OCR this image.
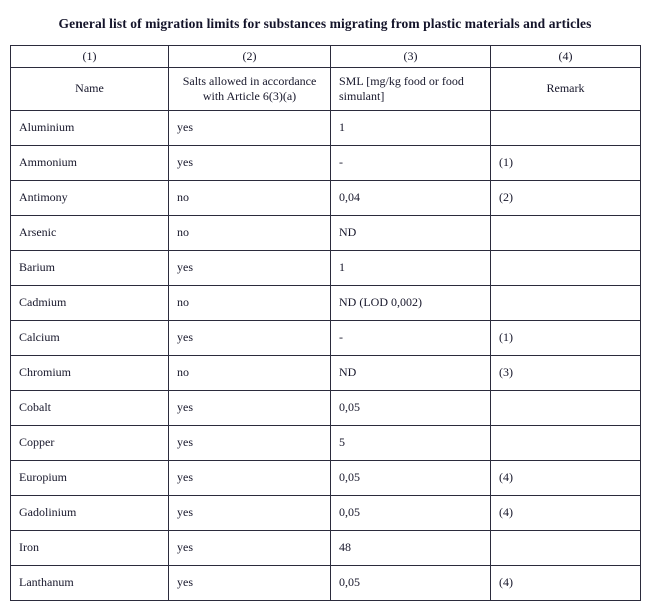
General list of migration limits for substances migrating from plastic materials and articles
(1)	(2)	(3)	(4)
Name	Salts allowed in accordance with Article 6(3)(a)	SML [mg/kg food or food simulant]	Remark
Aluminium	yes	1	
Ammonium	yes	-	(1)
Antimony	no	0,04	(2)
Arsenic	no	ND	
Barium	yes	1	
Cadmium	no	ND (LOD 0,002)	
Calcium	yes	-	(1)
Chromium	no	ND	(3)
Cobalt	yes	0,05	
Copper	yes	5	
Europium	yes	0,05	(4)
Gadolinium	yes	0,05	(4)
Iron	yes	48	
Lanthanum	yes	0,05	(4)
